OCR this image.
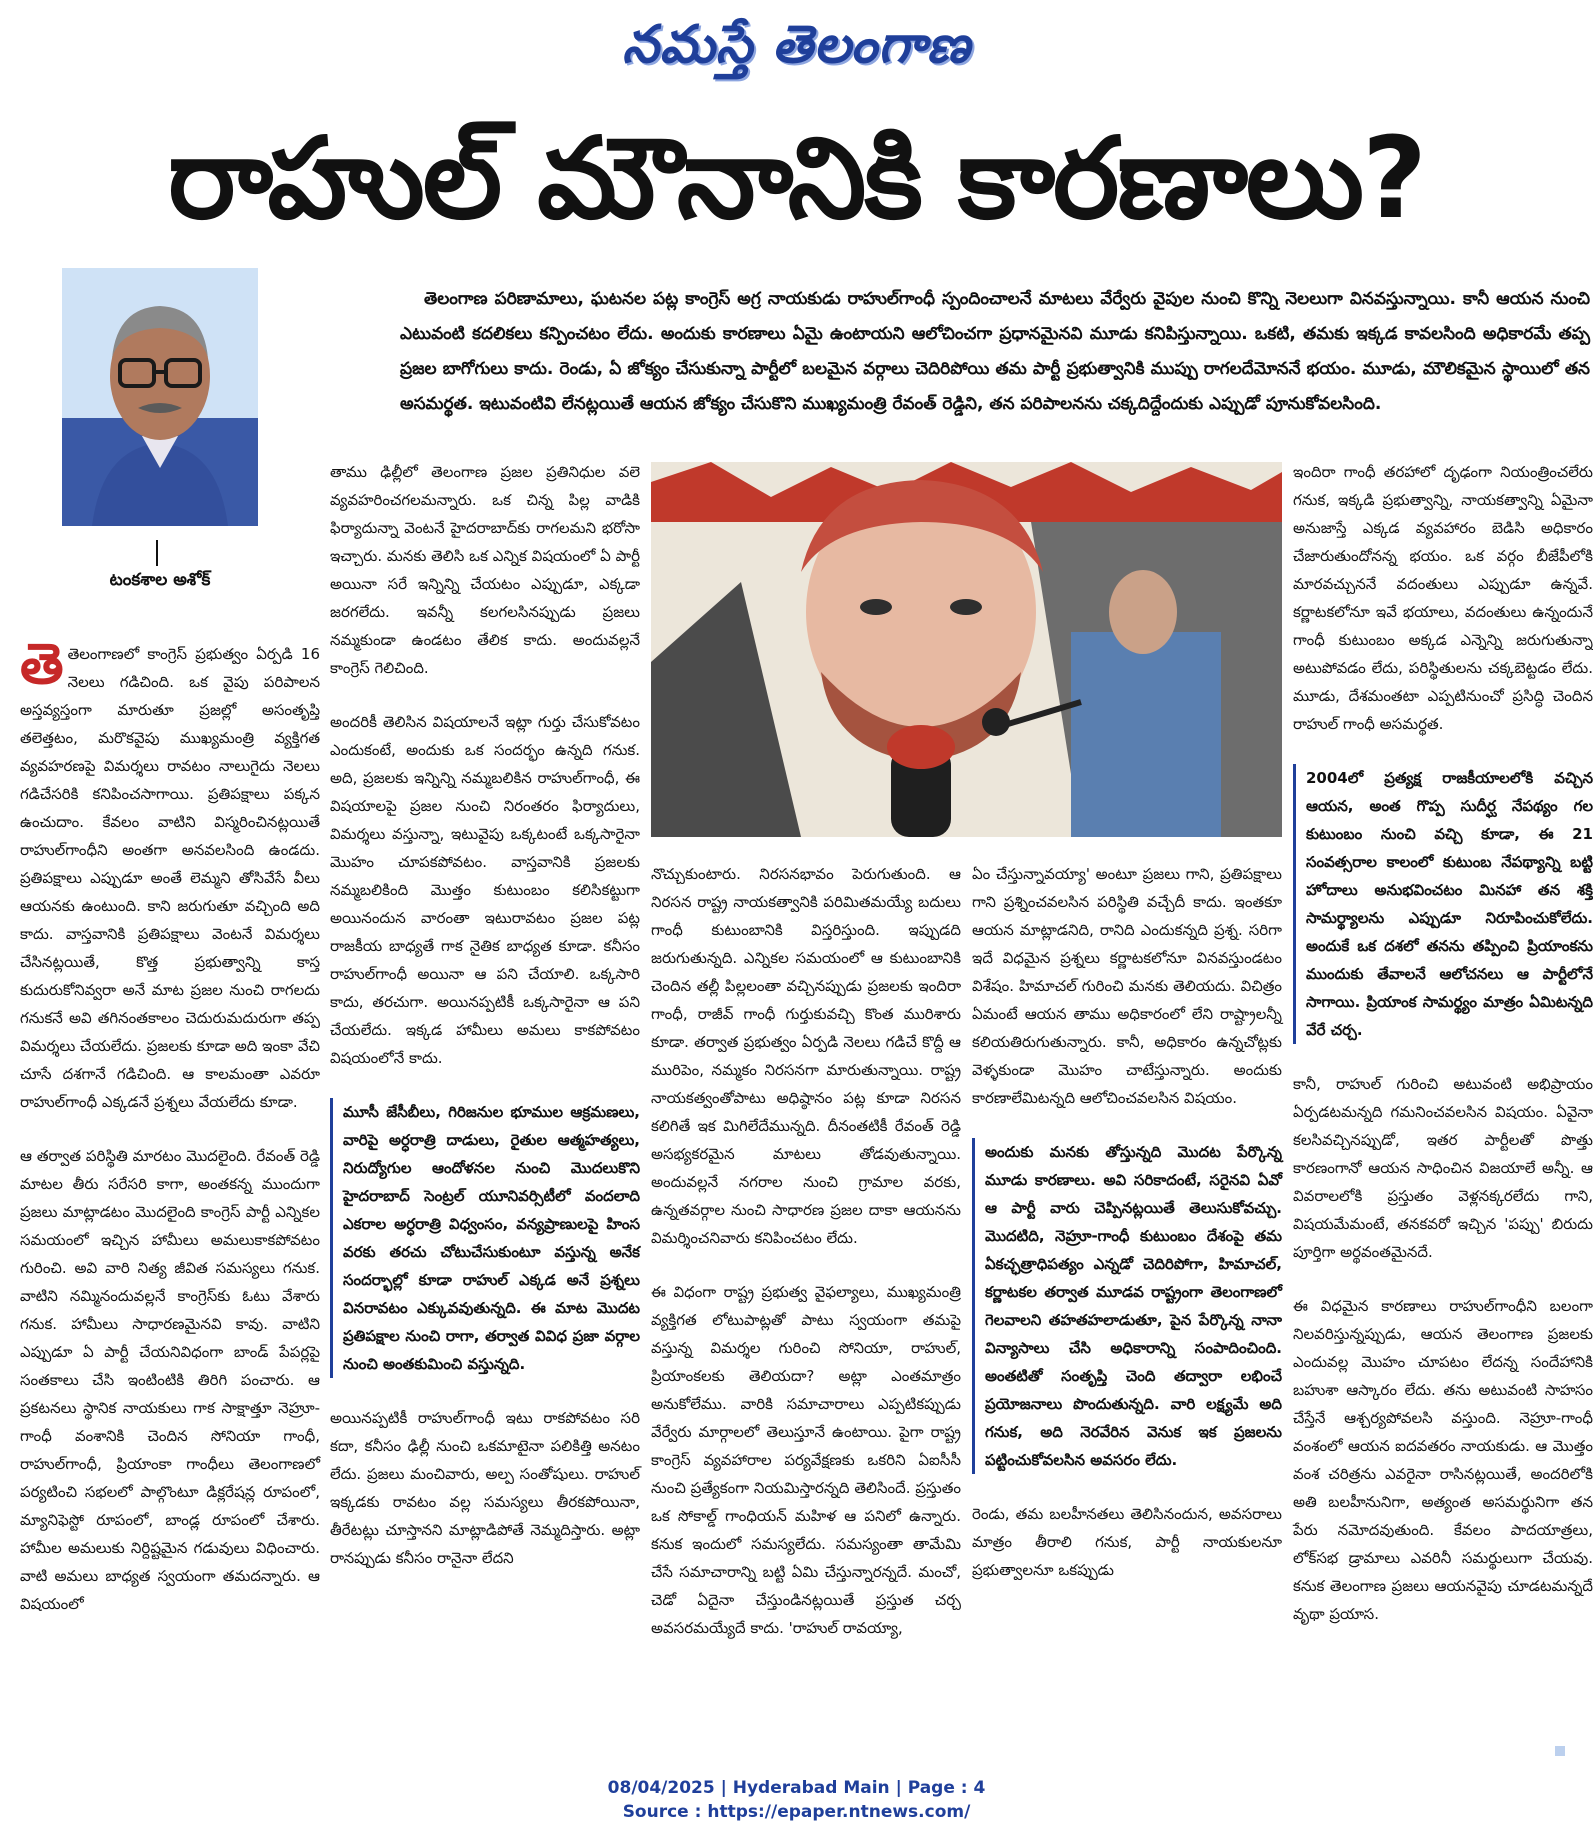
నమస్తే తెలంగాణ
రాహుల్ మౌనానికి కారణాలు?
టంకశాల అశోక్

తెలంగాణ పరిణామాలు, ఘటనల పట్ల కాంగ్రెస్ అగ్ర నాయకుడు రాహుల్‌గాంధీ స్పందించాలనే మాటలు వేర్వేరు వైపుల నుంచి కొన్ని నెలలుగా వినవస్తున్నాయి. కానీ ఆయన నుంచి ఎటువంటి కదలికలు కన్పించటం లేదు. అందుకు కారణాలు ఏమై ఉంటాయని ఆలోచించగా ప్రధానమైనవి మూడు కనిపిస్తున్నాయి. ఒకటి, తమకు ఇక్కడ కావలసింది అధికారమే తప్ప ప్రజల బాగోగులు కాదు. రెండు, ఏ జోక్యం చేసుకున్నా పార్టీలో బలమైన వర్గాలు చెదిరిపోయి తమ పార్టీ ప్రభుత్వానికి ముప్పు రాగలదేమోననే భయం. మూడు, మౌలికమైన స్థాయిలో తన అసమర్థత. ఇటువంటివి లేనట్లయితే ఆయన జోక్యం చేసుకొని ముఖ్యమంత్రి రేవంత్ రెడ్డిని, తన పరిపాలనను చక్కదిద్దేందుకు ఎప్పుడో పూనుకోవలసింది.

తెతెలంగాణలో కాంగ్రెస్ ప్రభుత్వం ఏర్పడి 16 నెలలు గడిచింది. ఒక వైపు పరిపాలన అస్తవ్యస్తంగా మారుతూ ప్రజల్లో అసంతృప్తి తలెత్తటం, మరొకవైపు ముఖ్యమంత్రి వ్యక్తిగత వ్యవహరణపై విమర్శలు రావటం నాలుగైదు నెలలు గడిచేసరికి కనిపించసాగాయి. ప్రతిపక్షాలు పక్కన ఉంచుదాం. కేవలం వాటిని విస్మరించినట్లయితే రాహుల్‌గాంధీని అంతగా అనవలసింది ఉండదు. ప్రతిపక్షాలు ఎప్పుడూ అంతే లెమ్మని తోసివేసే వీలు ఆయనకు ఉంటుంది. కాని జరుగుతూ వచ్చింది అది కాదు. వాస్తవానికి ప్రతిపక్షాలు వెంటనే విమర్శలు చేసినట్లయితే, కొత్త ప్రభుత్వాన్ని కాస్త కుదురుకోనివ్వరా అనే మాట ప్రజల నుంచి రాగలదు గనుకనే అవి తగినంతకాలం చెదురుమదురుగా తప్ప విమర్శలు చేయలేదు. ప్రజలకు కూడా అది ఇంకా వేచి చూసే దశగానే గడిచింది. ఆ కాలమంతా ఎవరూ రాహుల్‌గాంధీ ఎక్కడనే ప్రశ్నలు వేయలేదు కూడా.

ఆ తర్వాత పరిస్థితి మారటం మొదలైంది. రేవంత్ రెడ్డి మాటల తీరు సరేసరి కాగా, అంతకన్న ముందుగా ప్రజలు మాట్లాడటం మొదలైంది కాంగ్రెస్ పార్టీ ఎన్నికల సమయంలో ఇచ్చిన హామీలు అమలుకాకపోవటం గురించి. అవి వారి నిత్య జీవిత సమస్యలు గనుక. వాటిని నమ్మినందువల్లనే కాంగ్రెస్‌కు ఓటు వేశారు గనుక. హామీలు సాధారణమైనవి కావు. వాటిని ఎప్పుడూ ఏ పార్టీ చేయనివిధంగా బాండ్ పేపర్లపై సంతకాలు చేసి ఇంటింటికి తిరిగి పంచారు. ఆ ప్రకటనలు స్థానిక నాయకులు గాక సాక్షాత్తూ నెహ్రూ-గాంధీ వంశానికి చెందిన సోనియా గాంధీ, రాహుల్‌గాంధీ, ప్రియాంకా గాంధీలు తెలంగాణలో పర్యటించి సభలలో పాల్గొంటూ డిక్లరేషన్ల రూపంలో, మ్యానిఫెస్టో రూపంలో, బాండ్ల రూపంలో చేశారు. హామీల అమలుకు నిర్దిష్టమైన గడువులు విధించారు. వాటి అమలు బాధ్యత స్వయంగా తమదన్నారు. ఆ విషయంలో

తాము ఢిల్లీలో తెలంగాణ ప్రజల ప్రతినిధుల వలె వ్యవహరించగలమన్నారు. ఒక చిన్న పిల్ల వాడికి ఫిర్యాదున్నా వెంటనే హైదరాబాద్‌కు రాగలమని భరోసా ఇచ్చారు. మనకు తెలిసి ఒక ఎన్నిక విషయంలో ఏ పార్టీ అయినా సరే ఇన్నిన్ని చేయటం ఎప్పుడూ, ఎక్కడా జరగలేదు. ఇవన్నీ కలగలసినప్పుడు ప్రజలు నమ్మకుండా ఉండటం తేలిక కాదు. అందువల్లనే కాంగ్రెస్ గెలిచింది.

అందరికీ తెలిసిన విషయాలనే ఇట్లా గుర్తు చేసుకోవటం ఎందుకంటే, అందుకు ఒక సందర్భం ఉన్నది గనుక. అది, ప్రజలకు ఇన్నిన్ని నమ్మబలికిన రాహుల్‌గాంధీ, ఈ విషయాలపై ప్రజల నుంచి నిరంతరం ఫిర్యాదులు, విమర్శలు వస్తున్నా, ఇటువైపు ఒక్కటంటే ఒక్కసారైనా మొహం చూపకపోవటం. వాస్తవానికి ప్రజలకు నమ్మబలికింది మొత్తం కుటుంబం కలిసికట్టుగా అయినందున వారంతా ఇటురావటం ప్రజల పట్ల రాజకీయ బాధ్యతే గాక నైతిక బాధ్యత కూడా. కనీసం రాహుల్‌గాంధీ అయినా ఆ పని చేయాలి. ఒక్కసారి కాదు, తరచుగా. అయినప్పటికీ ఒక్కసారైనా ఆ పని చేయలేదు. ఇక్కడ హామీలు అమలు కాకపోవటం విషయంలోనే కాదు.

మూసీ జేసీబీలు, గిరిజనుల భూముల ఆక్రమణలు, వారిపై అర్ధరాత్రి దాడులు, రైతుల ఆత్మహత్యలు, నిరుద్యోగుల ఆందోళనల నుంచి మొదలుకొని హైదరాబాద్ సెంట్రల్ యూనివర్సిటీలో వందలాది ఎకరాల అర్ధరాత్రి విధ్వంసం, వన్యప్రాణులపై హింస వరకు తరచు చోటుచేసుకుంటూ వస్తున్న అనేక సందర్భాల్లో కూడా రాహుల్ ఎక్కడ అనే ప్రశ్నలు వినరావటం ఎక్కువవుతున్నది. ఈ మాట మొదట ప్రతిపక్షాల నుంచి రాగా, తర్వాత వివిధ ప్రజా వర్గాల నుంచి అంతకుమించి వస్తున్నది.

అయినప్పటికీ రాహుల్‌గాంధీ ఇటు రాకపోవటం సరి కదా, కనీసం ఢిల్లీ నుంచి ఒకమాటైనా పలికిత్తి అనటం లేదు. ప్రజలు మంచివారు, అల్ప సంతోషులు. రాహుల్ ఇక్కడకు రావటం వల్ల సమస్యలు తీరకపోయినా, తీరేటట్లు చూస్తానని మాట్లాడిపోతే నెమ్మదిస్తారు. అట్లా రానప్పుడు కనీసం రానైనా లేదని

నొచ్చుకుంటారు. నిరసనభావం పెరుగుతుంది. ఆ నిరసన రాష్ట్ర నాయకత్వానికి పరిమితమయ్యే బదులు గాంధీ కుటుంబానికి విస్తరిస్తుంది. ఇప్పుడది జరుగుతున్నది. ఎన్నికల సమయంలో ఆ కుటుంబానికి చెందిన తల్లీ పిల్లలంతా వచ్చినప్పుడు ప్రజలకు ఇందిరా గాంధీ, రాజీవ్ గాంధీ గుర్తుకువచ్చి కొంత మురిశారు కూడా. తర్వాత ప్రభుత్వం ఏర్పడి నెలలు గడిచే కొద్దీ ఆ మురిపెం, నమ్మకం నిరసనగా మారుతున్నాయి. రాష్ట్ర నాయకత్వంతోపాటు అధిష్ఠానం పట్ల కూడా నిరసన కలిగితే ఇక మిగిలేదేమున్నది. దీనంతటికీ రేవంత్ రెడ్డి అసభ్యకరమైన మాటలు తోడవుతున్నాయి. అందువల్లనే నగరాల నుంచి గ్రామాల వరకు, ఉన్నతవర్గాల నుంచి సాధారణ ప్రజల దాకా ఆయనను విమర్శించనివారు కనిపించటం లేదు.

ఈ విధంగా రాష్ట్ర ప్రభుత్వ వైఫల్యాలు, ముఖ్యమంత్రి వ్యక్తిగత లోటుపాట్లతో పాటు స్వయంగా తమపై వస్తున్న విమర్శల గురించి సోనియా, రాహుల్, ప్రియాంకలకు తెలియదా? అట్లా ఎంతమాత్రం అనుకోలేము. వారికి సమాచారాలు ఎప్పటికప్పుడు వేర్వేరు మార్గాలలో తెలుస్తూనే ఉంటాయి. పైగా రాష్ట్ర కాంగ్రెస్ వ్యవహారాల పర్యవేక్షణకు ఒకరిని ఏఐసీసీ నుంచి ప్రత్యేకంగా నియమిస్తారన్నది తెలిసిందే. ప్రస్తుతం ఒక సోకాల్డ్ గాంధియన్ మహిళ ఆ పనిలో ఉన్నారు. కనుక ఇందులో సమస్యలేదు. సమస్యంతా తామేమి చేసే సమాచారాన్ని బట్టి ఏమి చేస్తున్నారన్నదే. మంచో, చెడో ఏదైనా చేస్తుండినట్లయితే ప్రస్తుత చర్చ అవసరమయ్యేదే కాదు. 'రాహుల్ రావయ్యా,

ఏం చేస్తున్నావయ్యా' అంటూ ప్రజలు గాని, ప్రతిపక్షాలు గాని ప్రశ్నించవలసిన పరిస్థితి వచ్చేదీ కాదు. ఇంతకూ ఆయన మాట్లాడనిది, రానిది ఎందుకన్నది ప్రశ్న. సరిగా ఇదే విధమైన ప్రశ్నలు కర్ణాటకలోనూ వినవస్తుండటం విశేషం. హిమాచల్ గురించి మనకు తెలియదు. విచిత్రం ఏమంటే ఆయన తాము అధికారంలో లేని రాష్ట్రాలన్నీ కలియతిరుగుతున్నారు. కానీ, అధికారం ఉన్నచోట్లకు వెళ్ళకుండా మొహం చాటేస్తున్నారు. అందుకు కారణాలేమిటన్నది ఆలోచించవలసిన విషయం.

అందుకు మనకు తోస్తున్నది మొదట పేర్కొన్న మూడు కారణాలు. అవి సరికాదంటే, సరైనవి ఏవో ఆ పార్టీ వారు చెప్పినట్లయితే తెలుసుకోవచ్చు. మొదటిది, నెహ్రూ-గాంధీ కుటుంబం దేశంపై తమ ఏకచ్ఛత్రాధిపత్యం ఎన్నడో చెదిరిపోగా, హిమాచల్, కర్ణాటకల తర్వాత మూడవ రాష్ట్రంగా తెలంగాణలో గెలవాలని తహతహలాడుతూ, పైన పేర్కొన్న నానా విన్యాసాలు చేసి అధికారాన్ని సంపాదించింది. అంతటితో సంతృప్తి చెంది తద్వారా లభించే ప్రయోజనాలు పొందుతున్నది. వారి లక్ష్యమే అది గనుక, అది నెరవేరిన వెనుక ఇక ప్రజలను పట్టించుకోవలసిన అవసరం లేదు.

రెండు, తమ బలహీనతలు తెలిసినందున, అవసరాలు మాత్రం తీరాలి గనుక, పార్టీ నాయకులనూ ప్రభుత్వాలనూ ఒకప్పుడు

ఇందిరా గాంధీ తరహాలో దృఢంగా నియంత్రించలేరు గనుక, ఇక్కడి ప్రభుత్వాన్ని, నాయకత్వాన్ని ఏమైనా అనుజాస్తే ఎక్కడ వ్యవహారం బెడిసి అధికారం చేజారుతుందోనన్న భయం. ఒక వర్గం బీజేపీలోకి మారవచ్చుననే వదంతులు ఎప్పుడూ ఉన్నవే. కర్ణాటకలోనూ ఇవే భయాలు, వదంతులు ఉన్నందునే గాంధీ కుటుంబం అక్కడ ఎన్నెన్ని జరుగుతున్నా అటుపోవడం లేదు, పరిస్థితులను చక్కబెట్టడం లేదు. మూడు, దేశమంతటా ఎప్పటినుంచో ప్రసిద్ధి చెందిన రాహుల్ గాంధీ అసమర్థత.

2004లో ప్రత్యక్ష రాజకీయాలలోకి వచ్చిన ఆయన, అంత గొప్ప సుదీర్ఘ నేపథ్యం గల కుటుంబం నుంచి వచ్చి కూడా, ఈ 21 సంవత్సరాల కాలంలో కుటుంబ నేపథ్యాన్ని బట్టి హోదాలు అనుభవించటం మినహా తన శక్తి సామర్థ్యాలను ఎప్పుడూ నిరూపించుకోలేదు. అందుకే ఒక దశలో తనను తప్పించి ప్రియాంకను ముందుకు తేవాలనే ఆలోచనలు ఆ పార్టీలోనే సాగాయి. ప్రియాంక సామర్థ్యం మాత్రం ఏమిటన్నది వేరే చర్చ.

కానీ, రాహుల్ గురించి అటువంటి అభిప్రాయం ఏర్పడటమన్నది గమనించవలసిన విషయం. ఏవైనా కలసివచ్చినప్పుడో, ఇతర పార్టీలతో పొత్తు కారణంగానో ఆయన సాధించిన విజయాలే అన్నీ. ఆ వివరాలలోకి ప్రస్తుతం వెళ్లనక్కరలేదు గాని, విషయమేమంటే, తనకవరో ఇచ్చిన 'పప్పు' బిరుదు పూర్తిగా అర్థవంతమైనదే.

ఈ విధమైన కారణాలు రాహుల్‌గాంధీని బలంగా నిలవరిస్తున్నప్పుడు, ఆయన తెలంగాణ ప్రజలకు ఎందువల్ల మొహం చూపటం లేదన్న సందేహానికి బహుశా ఆస్కారం లేదు. తను అటువంటి సాహసం చేస్తేనే ఆశ్చర్యపోవలసి వస్తుంది. నెహ్రూ-గాంధీ వంశంలో ఆయన ఐదవతరం నాయకుడు. ఆ మొత్తం వంశ చరిత్రను ఎవరైనా రాసినట్లయితే, అందరిలోకి అతి బలహీనునిగా, అత్యంత అసమర్థునిగా తన పేరు నమోదవుతుంది. కేవలం పాదయాత్రలు, లోక్‌సభ డ్రామాలు ఎవరినీ సమర్థులుగా చేయవు. కనుక తెలంగాణ ప్రజలు ఆయనవైపు చూడటమన్నదే వృథా ప్రయాస.

08/04/2025 | Hyderabad Main | Page : 4
Source : https://epaper.ntnews.com/
